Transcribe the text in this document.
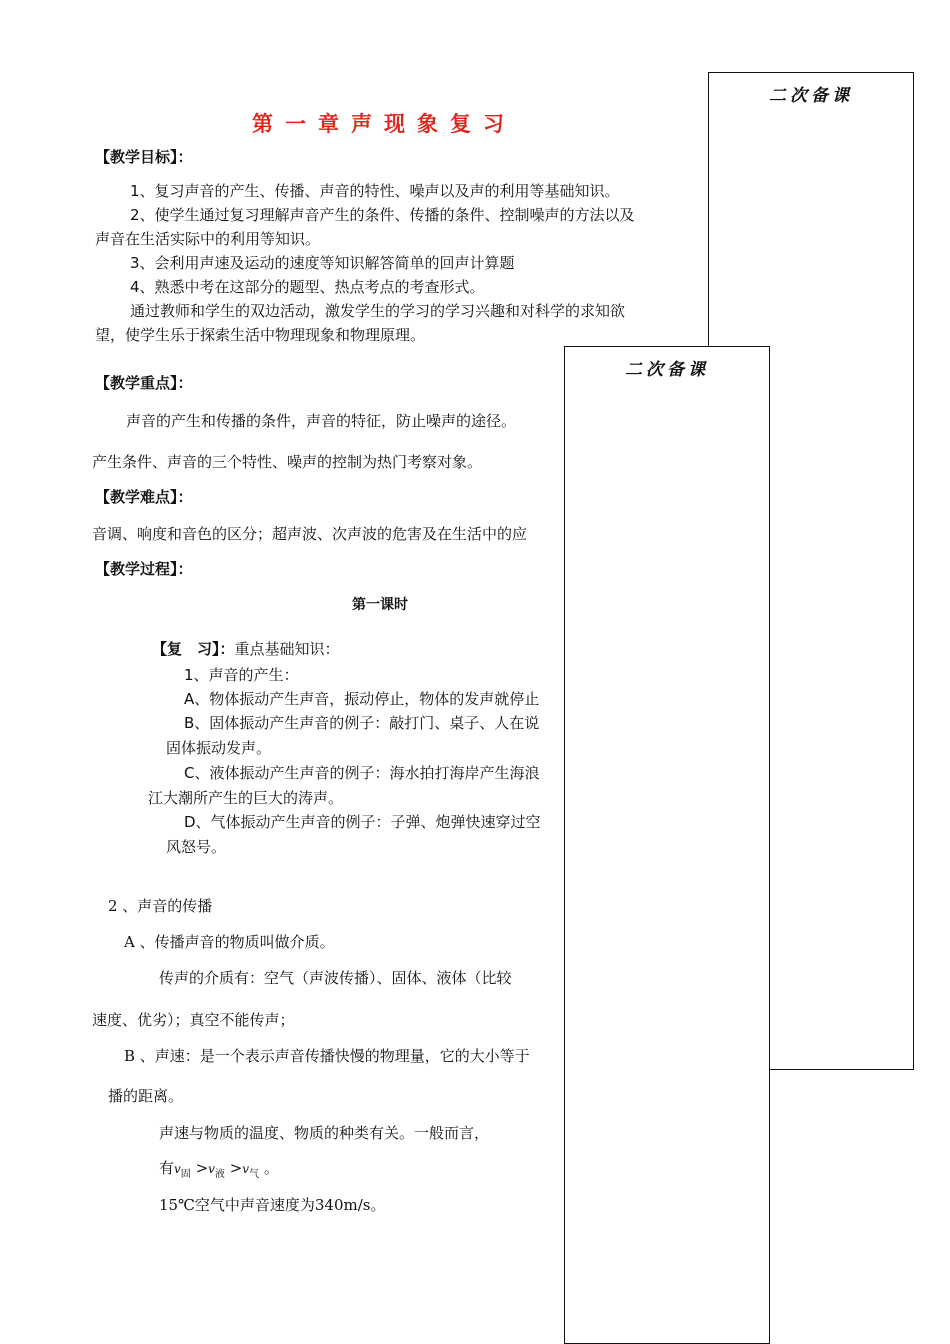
二次备课
第一章声现象复习
【教学目标】：
1、复习声音的产生、传播、声音的特性、噪声以及声的利用等基础知识。
2、使学生通过复习理解声音产生的条件、传播的条件、控制噪声的方法以及
声音在生活实际中的利用等知识。
3、会利用声速及运动的速度等知识解答简单的回声计算题
4、熟悉中考在这部分的题型、热点考点的考查形式。
通过教师和学生的双边活动，激发学生的学习的学习兴趣和对科学的求知欲
望，使学生乐于探索生活中物理现象和物理原理。
【教学重点】：
声音的产生和传播的条件，声音的特征，防止噪声的途径。
产生条件、声音的三个特性、噪声的控制为热门考察对象。
【教学难点】：
音调、响度和音色的区分；超声波、次声波的危害及在生活中的应
【教学过程】：
第一课时
【复　习】：重点基础知识：
1、声音的产生：
A、物体振动产生声音，振动停止，物体的发声就停止
B、固体振动产生声音的例子：敲打门、桌子、人在说
固体振动发声。
C、液体振动产生声音的例子：海水拍打海岸产生海浪
江大潮所产生的巨大的涛声。
D、气体振动产生声音的例子：子弹、炮弹快速穿过空
风怒号。
2 、声音的传播
A 、传播声音的物质叫做介质。
传声的介质有：空气（声波传播）、固体、液体（比较
速度、优劣）；真空不能传声；
B 、声速：是一个表示声音传播快慢的物理量，它的大小等于
播的距离。
声速与物质的温度、物质的种类有关。一般而言，
有$v_固 >v_液 >v_气$ 。
15℃空气中声音速度为340m/s。
二次备课
